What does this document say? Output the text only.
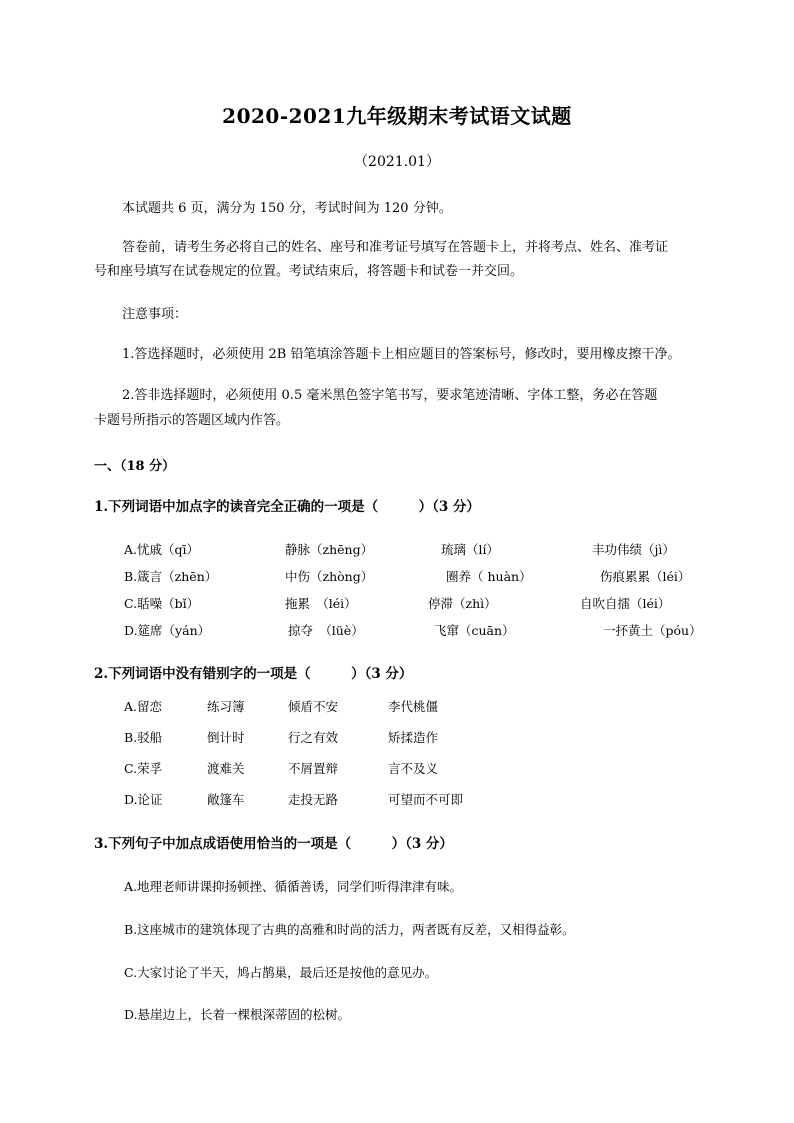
2020-2021九年级期末考试语文试题
（2021.01）
本试题共 6 页，满分为 150 分，考试时间为 120 分钟。
答卷前，请考生务必将自己的姓名、座号和准考证号填写在答题卡上，并将考点、姓名、准考证
号和座号填写在试卷规定的位置。考试结束后，将答题卡和试卷一并交回。
注意事项：
1.答选择题时，必须使用 2B 铅笔填涂答题卡上相应题目的答案标号，修改时，要用橡皮擦干净。
2.答非选择题时，必须使用 0.5 毫米黑色签字笔书写，要求笔迹清晰、字体工整，务必在答题
卡题号所指示的答题区域内作答。
一、（18 分）
1.下列词语中加点字的读音完全正确的一项是（　　　）（3 分）
A.忧戚（qī）	静脉（zhēng）	琉璃（lí）	丰功伟绩（jì）
B.箴言（zhēn）	中伤（zhòng）	圈养（ huàn）	伤痕累累（léi）
C.聒噪（bǐ）	拖累　（léi）	停滞（zhì）	自吹自擂（léi）
D.筵席（yán）	掠夺　（lüè）	飞窜（cuān）	一抔黄土（póu）
2.下列词语中没有错别字的一项是（　　　）（3 分）
A.留恋	练习簿	倾盾不安	李代桃僵
B.驳船	倒计时	行之有效	矫揉造作
C.荣孚	渡难关	不屑置辩	言不及义
D.论证	敞篷车	走投无路	可望而不可即
3.下列句子中加点成语使用恰当的一项是（　　　）（3 分）
A.地理老师讲课抑扬顿挫、循循善诱，同学们听得津津有味。
B.这座城市的建筑体现了古典的高雅和时尚的活力，两者既有反差，又相得益彰。
C.大家讨论了半天，鸠占鹊巢，最后还是按他的意见办。
D.悬崖边上，长着一棵根深蒂固的松树。
